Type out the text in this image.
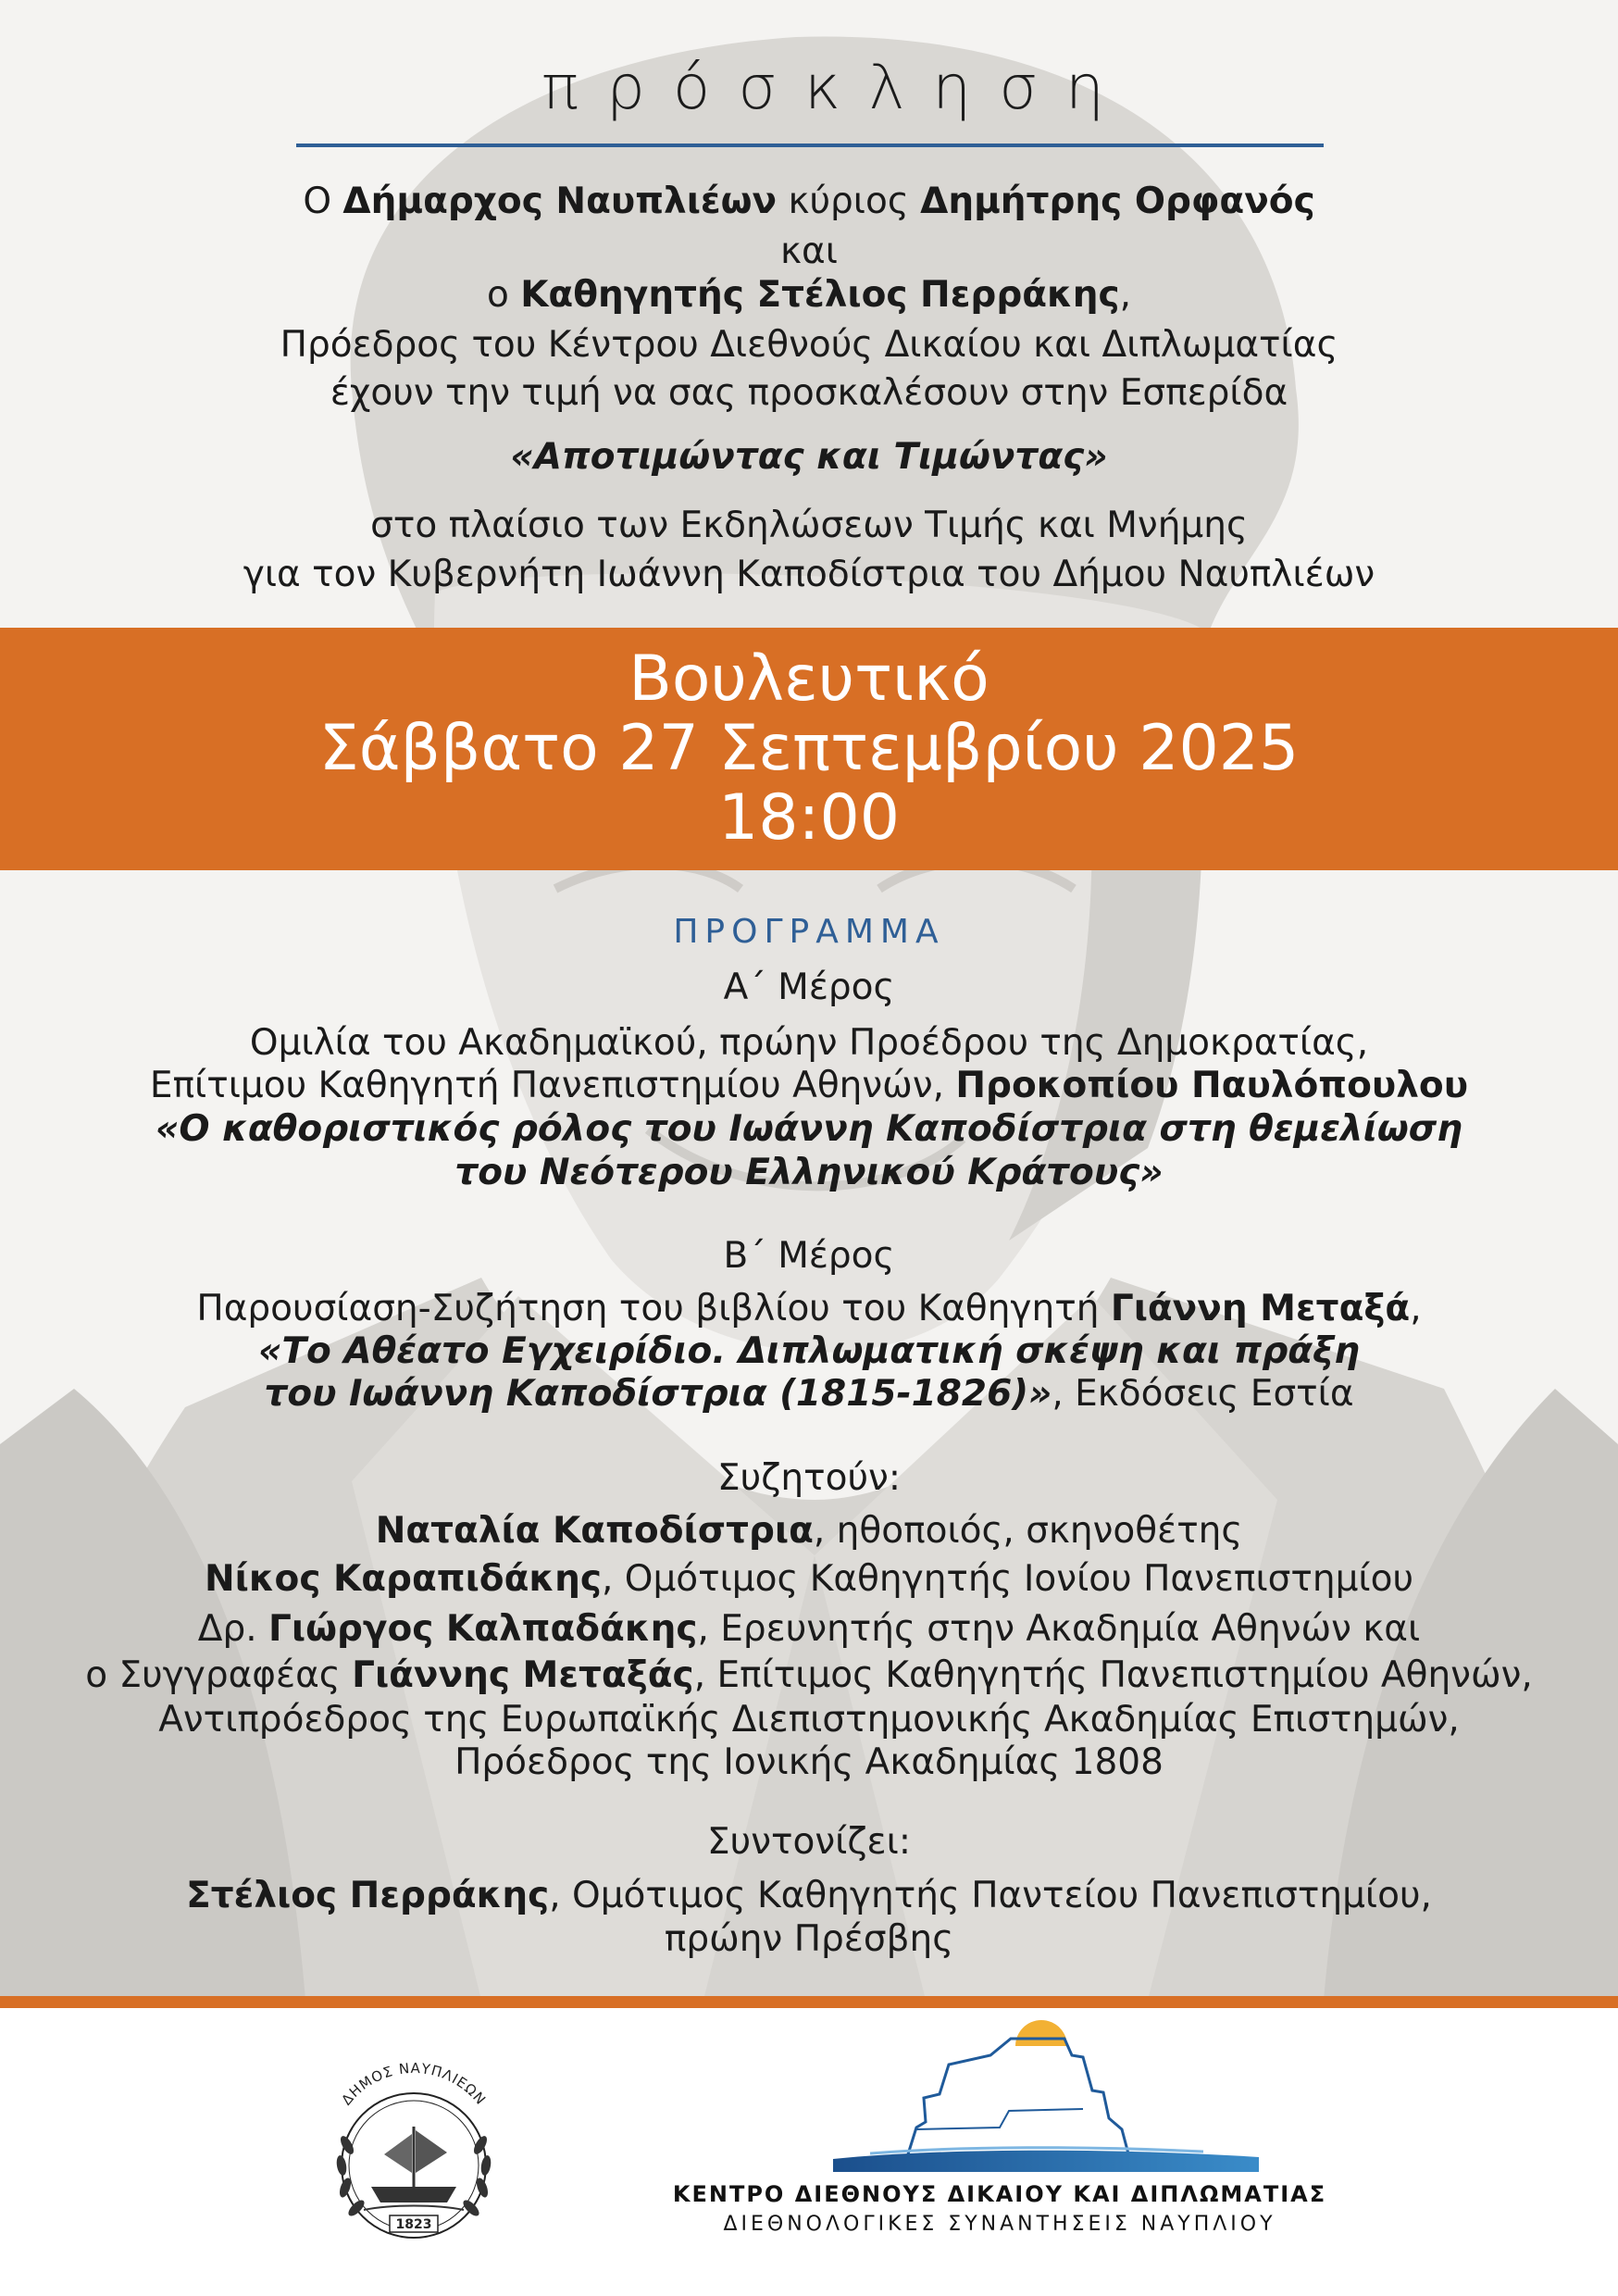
πρόσκληση
Ο Δήμαρχος Ναυπλιέων κύριος Δημήτρης Ορφανός
και
ο Καθηγητής Στέλιος Περράκης,
Πρόεδρος του Κέντρου Διεθνούς Δικαίου και Διπλωματίας
έχουν την τιμή να σας προσκαλέσουν στην Εσπερίδα
«Αποτιμώντας και Τιμώντας»
στο πλαίσιο των Εκδηλώσεων Τιμής και Μνήμης
για τον Κυβερνήτη Ιωάννη Καποδίστρια του Δήμου Ναυπλιέων
Βουλευτικό
Σάββατο 27 Σεπτεμβρίου 2025
18:00
ΠΡΟΓΡΑΜΜΑ
Α΄ Μέρος
Ομιλία του Ακαδημαϊκού, πρώην Προέδρου της Δημοκρατίας,
Επίτιμου Καθηγητή Πανεπιστημίου Αθηνών, Προκοπίου Παυλόπουλου
«Ο καθοριστικός ρόλος του Ιωάννη Καποδίστρια στη θεμελίωση
του Νεότερου Ελληνικού Κράτους»
Β΄ Μέρος
Παρουσίαση-Συζήτηση του βιβλίου του Καθηγητή Γιάννη Μεταξά,
«Το Αθέατο Εγχειρίδιο. Διπλωματική σκέψη και πράξη
του Ιωάννη Καποδίστρια (1815-1826)», Εκδόσεις Εστία
Συζητούν:
Ναταλία Καποδίστρια, ηθοποιός, σκηνοθέτης
Νίκος Καραπιδάκης, Ομότιμος Καθηγητής Ιονίου Πανεπιστημίου
Δρ. Γιώργος Καλπαδάκης, Ερευνητής στην Ακαδημία Αθηνών και
ο Συγγραφέας Γιάννης Μεταξάς, Επίτιμος Καθηγητής Πανεπιστημίου Αθηνών,
Αντιπρόεδρος της Ευρωπαϊκής Διεπιστημονικής Ακαδημίας Επιστημών,
Πρόεδρος της Ιονικής Ακαδημίας 1808
Συντονίζει:
Στέλιος Περράκης, Ομότιμος Καθηγητής Παντείου Πανεπιστημίου,
πρώην Πρέσβης
ΔΗΜΟΣ ΝΑΥΠΛΙΕΩΝ
1823
ΚΕΝΤΡΟ ΔΙΕΘΝΟΥΣ ΔΙΚΑΙΟΥ ΚΑΙ ΔΙΠΛΩΜΑΤΙΑΣ
ΔΙΕΘΝΟΛΟΓΙΚΕΣ ΣΥΝΑΝΤΗΣΕΙΣ ΝΑΥΠΛΙΟΥ
